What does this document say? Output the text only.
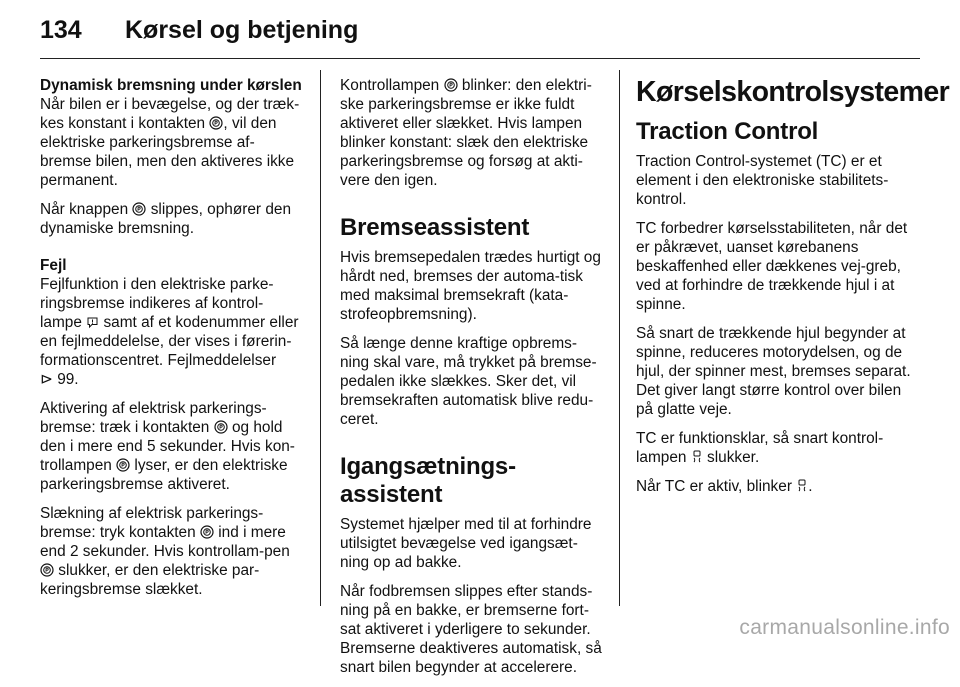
134	Kørsel og betjening
Dynamisk bremsning under kørslen

Når bilen er i bevægelse, og der træk-kes konstant i kontakten , vil den elektriske parkeringsbremse af-bremse bilen, men den aktiveres ikke permanent.

Når knappen slippes, ophører den dynamiske bremsning.

Fejl

Fejlfunktion i den elektriske parke-ringsbremse indikeres af kontrol-lampe samt af et kodenummer eller en fejlmeddelelse, der vises i førerin-formationscentret. Fejlmeddelelser
⊳ 99.

Aktivering af elektrisk parkerings-bremse: træk i kontakten og hold den i mere end 5 sekunder. Hvis kon-trollampen lyser, er den elektriske parkeringsbremse aktiveret.

Slækning af elektrisk parkerings-bremse: tryk kontakten ind i mere end 2 sekunder. Hvis kontrollam-pen  slukker, er den elektriske par-keringsbremse slækket.

Kontrollampen blinker: den elektri-ske parkeringsbremse er ikke fuldt aktiveret eller slækket. Hvis lampen blinker konstant: slæk den elektriske parkeringsbremse og forsøg at akti-vere den igen.

Bremseassistent

Hvis bremsepedalen trædes hurtigt og hårdt ned, bremses der automa-tisk med maksimal bremsekraft (kata-strofeopbremsning).

Så længe denne kraftige opbrems-ning skal vare, må trykket på bremse-pedalen ikke slækkes. Sker det, vil bremsekraften automatisk blive redu-ceret.

Igangsætnings-assistent

Systemet hjælper med til at forhindre utilsigtet bevægelse ved igangsæt-ning op ad bakke.

Når fodbremsen slippes efter stands-ning på en bakke, er bremserne fort-sat aktiveret i yderligere to sekunder. Bremserne deaktiveres automatisk, så snart bilen begynder at accelerere.

Kørselskontrolsystemer
Traction Control

Traction Control-systemet (TC) er et element i den elektroniske stabilitets-kontrol.

TC forbedrer kørselsstabiliteten, når det er påkrævet, uanset kørebanens beskaffenhed eller dækkenes vej-greb, ved at forhindre de trækkende hjul i at spinne.

Så snart de trækkende hjul begynder at spinne, reduceres motorydelsen, og de hjul, der spinner mest, bremses separat. Det giver langt større kontrol over bilen på glatte veje.

TC er funktionsklar, så snart kontrol-lampen slukker.

Når TC er aktiv, blinker .

carmanualsonline.info
